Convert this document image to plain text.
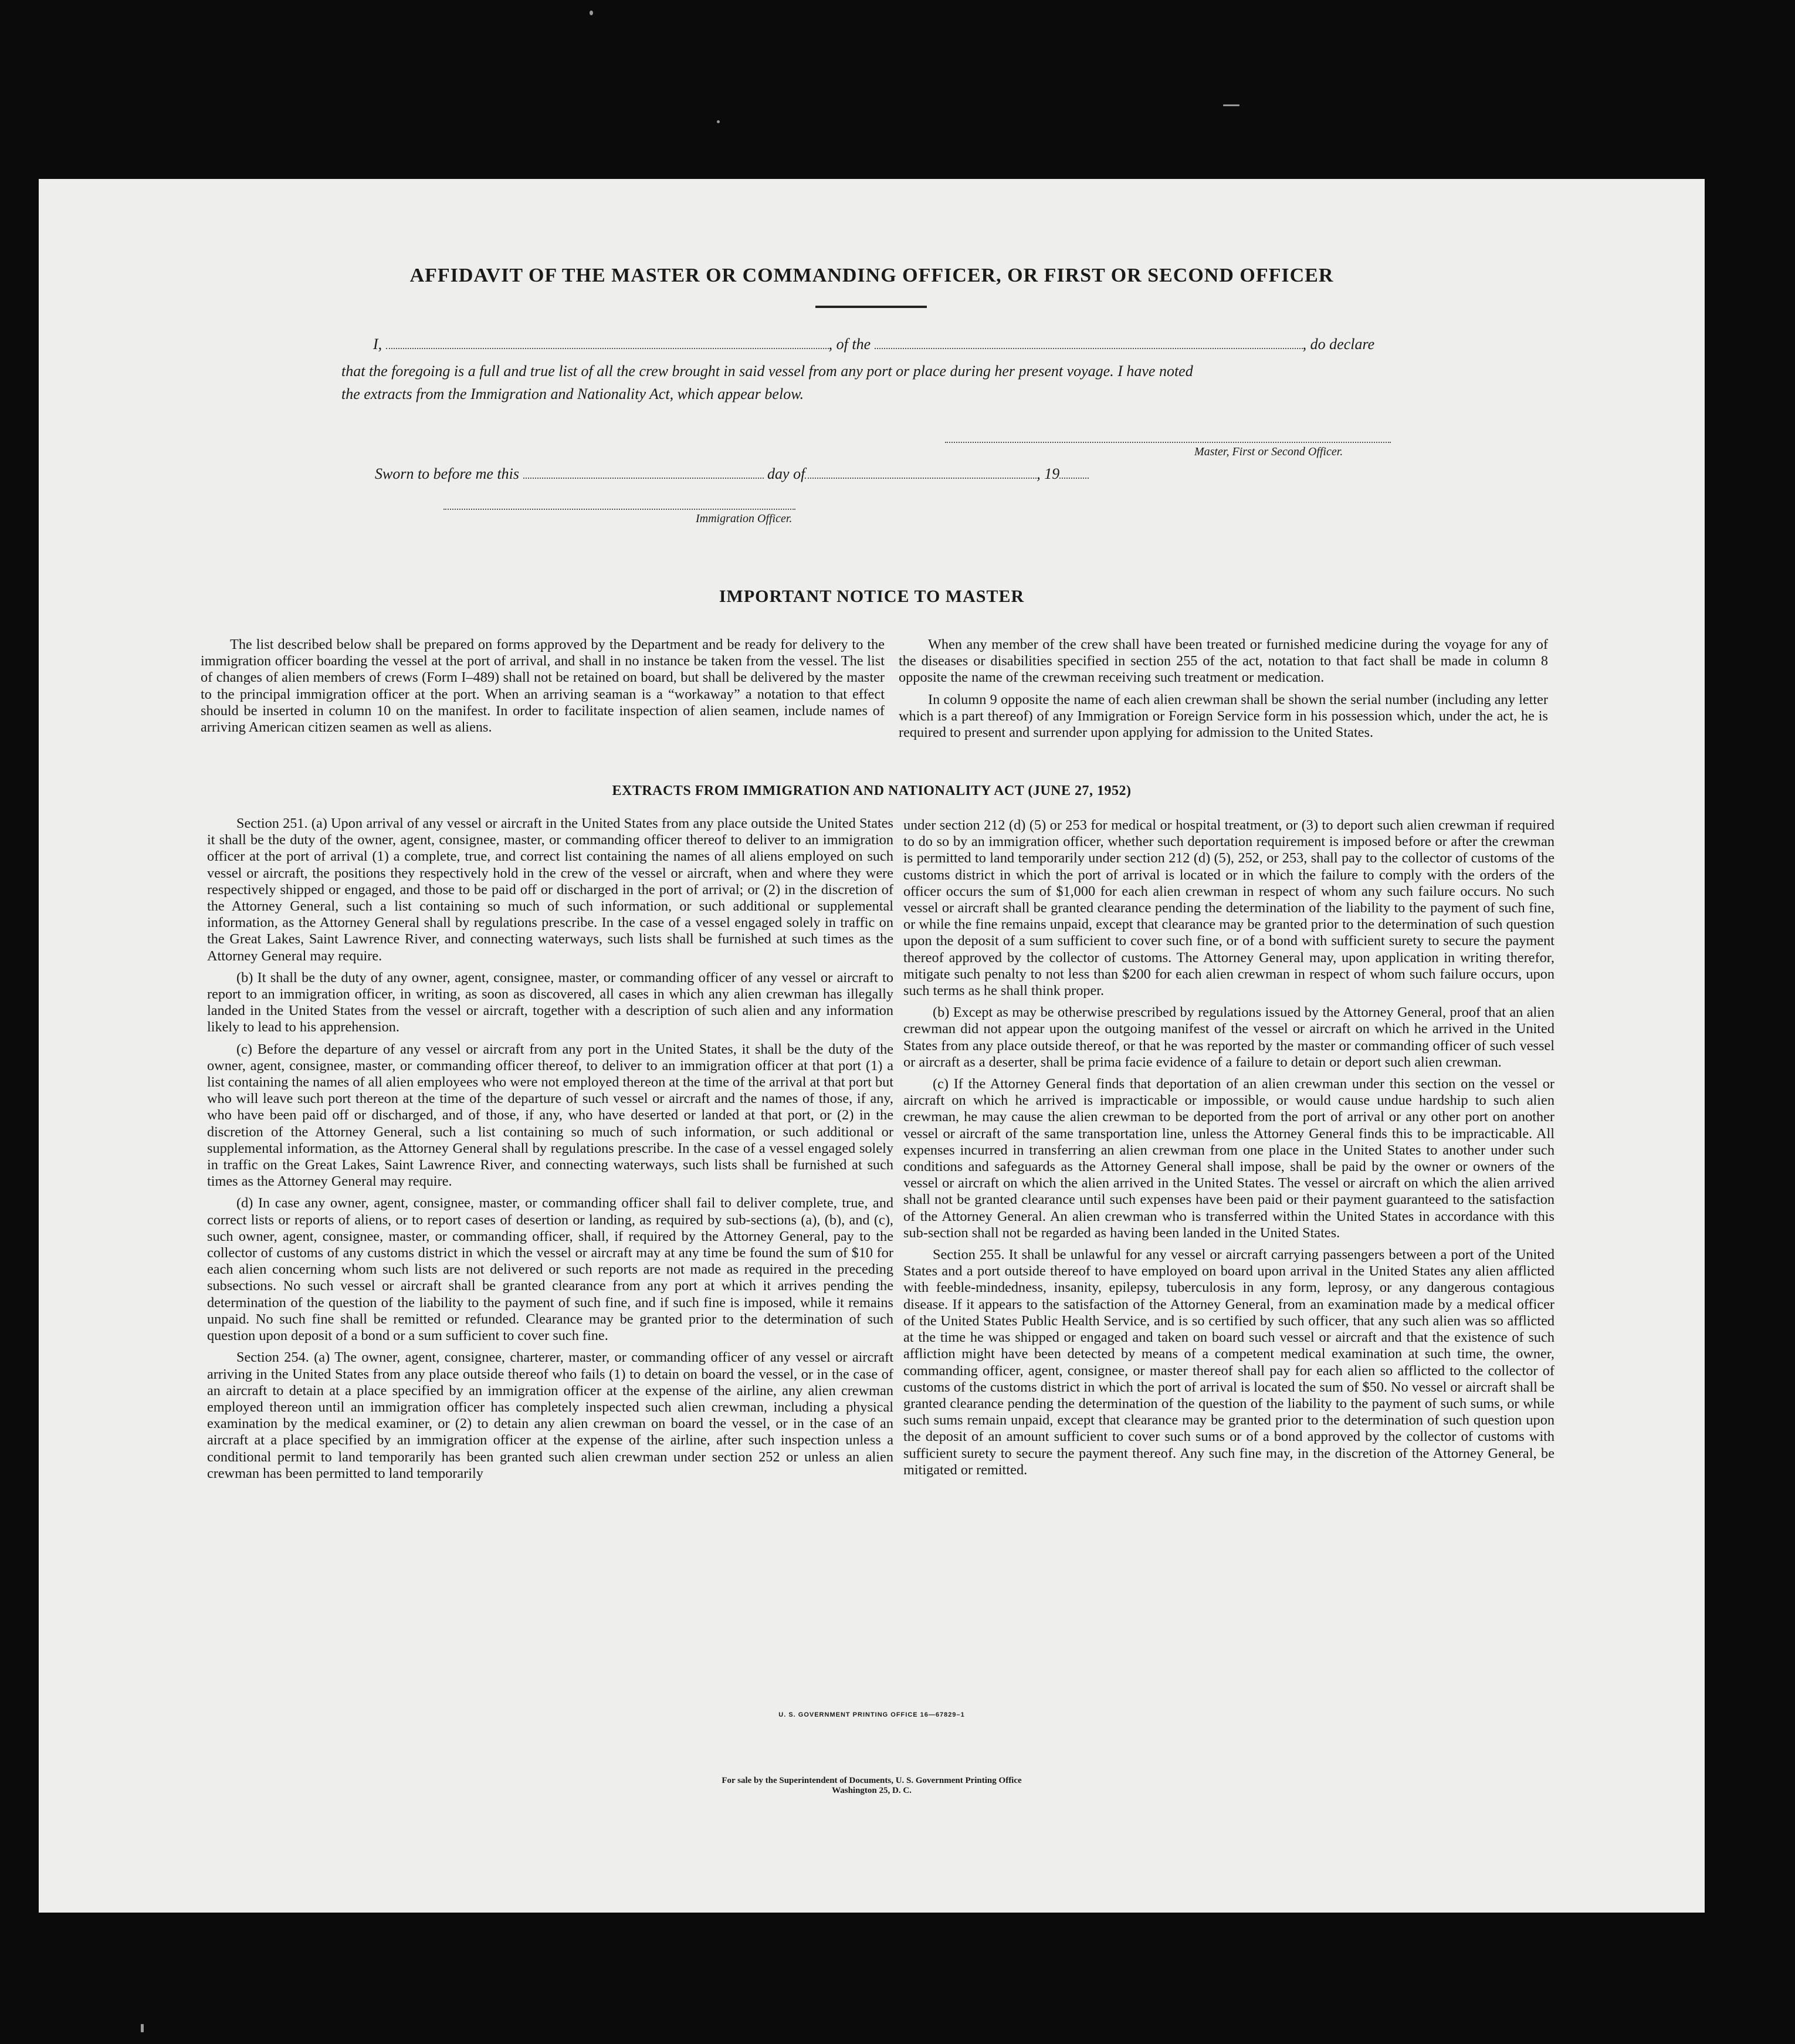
AFFIDAVIT OF THE MASTER OR COMMANDING OFFICER, OR FIRST OR SECOND OFFICER
I,	, of the	, do declare
that the foregoing is a full and true list of all the crew brought in said vessel from any port or place during her present voyage. I have noted
the extracts from the Immigration and Nationality Act, which appear below.
Master, First or Second Officer.
Sworn to before me this	day of	, 19
Immigration Officer.
IMPORTANT NOTICE TO MASTER

The list described below shall be prepared on forms approved by the Department and be ready for delivery to the immigration officer boarding the vessel at the port of arrival, and shall in no instance be taken from the vessel. The list of changes of alien members of crews (Form I–489) shall not be retained on board, but shall be delivered by the master to the principal immigration officer at the port. When an arriving seaman is a “workaway” a notation to that effect should be inserted in column 10 on the manifest. In order to facilitate inspection of alien seamen, include names of arriving American citizen seamen as well as aliens.

When any member of the crew shall have been treated or furnished medicine during the voyage for any of the diseases or disabilities specified in section 255 of the act, notation to that fact shall be made in column 8 opposite the name of the crewman receiving such treatment or medication.

In column 9 opposite the name of each alien crewman shall be shown the serial number (including any letter which is a part thereof) of any Immigration or Foreign Service form in his possession which, under the act, he is required to present and surrender upon applying for admission to the United States.

EXTRACTS FROM IMMIGRATION AND NATIONALITY ACT (JUNE 27, 1952)

Section 251. (a) Upon arrival of any vessel or aircraft in the United States from any place outside the United States it shall be the duty of the owner, agent, consignee, master, or commanding officer thereof to deliver to an immigration officer at the port of arrival (1) a complete, true, and correct list containing the names of all aliens employed on such vessel or aircraft, the positions they respectively hold in the crew of the vessel or aircraft, when and where they were respectively shipped or engaged, and those to be paid off or discharged in the port of arrival; or (2) in the discretion of the Attorney General, such a list containing so much of such information, or such additional or supplemental information, as the Attorney General shall by regulations prescribe. In the case of a vessel engaged solely in traffic on the Great Lakes, Saint Lawrence River, and connecting waterways, such lists shall be furnished at such times as the Attorney General may require.

(b) It shall be the duty of any owner, agent, consignee, master, or commanding officer of any vessel or aircraft to report to an immigration officer, in writing, as soon as discovered, all cases in which any alien crewman has illegally landed in the United States from the vessel or aircraft, together with a description of such alien and any information likely to lead to his apprehension.

(c) Before the departure of any vessel or aircraft from any port in the United States, it shall be the duty of the owner, agent, consignee, master, or commanding officer thereof, to deliver to an immigration officer at that port (1) a list containing the names of all alien employees who were not employed thereon at the time of the arrival at that port but who will leave such port thereon at the time of the departure of such vessel or aircraft and the names of those, if any, who have been paid off or discharged, and of those, if any, who have deserted or landed at that port, or (2) in the discretion of the Attorney General, such a list containing so much of such information, or such additional or supplemental information, as the Attorney General shall by regulations prescribe. In the case of a vessel engaged solely in traffic on the Great Lakes, Saint Lawrence River, and connecting waterways, such lists shall be furnished at such times as the Attorney General may require.

(d) In case any owner, agent, consignee, master, or commanding officer shall fail to deliver complete, true, and correct lists or reports of aliens, or to report cases of desertion or landing, as required by sub-sections (a), (b), and (c), such owner, agent, consignee, master, or commanding officer, shall, if required by the Attorney General, pay to the collector of customs of any customs district in which the vessel or aircraft may at any time be found the sum of $10 for each alien concerning whom such lists are not delivered or such reports are not made as required in the preceding subsections. No such vessel or aircraft shall be granted clearance from any port at which it arrives pending the determination of the question of the liability to the payment of such fine, and if such fine is imposed, while it remains unpaid. No such fine shall be remitted or refunded. Clearance may be granted prior to the determination of such question upon deposit of a bond or a sum sufficient to cover such fine.

Section 254. (a) The owner, agent, consignee, charterer, master, or commanding officer of any vessel or aircraft arriving in the United States from any place outside thereof who fails (1) to detain on board the vessel, or in the case of an aircraft to detain at a place specified by an immigration officer at the expense of the airline, any alien crewman employed thereon until an immigration officer has completely inspected such alien crewman, including a physical examination by the medical examiner, or (2) to detain any alien crewman on board the vessel, or in the case of an aircraft at a place specified by an immigration officer at the expense of the airline, after such inspection unless a conditional permit to land temporarily has been granted such alien crewman under section 252 or unless an alien crewman has been permitted to land temporarily

under section 212 (d) (5) or 253 for medical or hospital treatment, or (3) to deport such alien crewman if required to do so by an immigration officer, whether such deportation requirement is imposed before or after the crewman is permitted to land temporarily under section 212 (d) (5), 252, or 253, shall pay to the collector of customs of the customs district in which the port of arrival is located or in which the failure to comply with the orders of the officer occurs the sum of $1,000 for each alien crewman in respect of whom any such failure occurs. No such vessel or aircraft shall be granted clearance pending the determination of the liability to the payment of such fine, or while the fine remains unpaid, except that clearance may be granted prior to the determination of such question upon the deposit of a sum sufficient to cover such fine, or of a bond with sufficient surety to secure the payment thereof approved by the collector of customs. The Attorney General may, upon application in writing therefor, mitigate such penalty to not less than $200 for each alien crewman in respect of whom such failure occurs, upon such terms as he shall think proper.

(b) Except as may be otherwise prescribed by regulations issued by the Attorney General, proof that an alien crewman did not appear upon the outgoing manifest of the vessel or aircraft on which he arrived in the United States from any place outside thereof, or that he was reported by the master or commanding officer of such vessel or aircraft as a deserter, shall be prima facie evidence of a failure to detain or deport such alien crewman.

(c) If the Attorney General finds that deportation of an alien crewman under this section on the vessel or aircraft on which he arrived is impracticable or impossible, or would cause undue hardship to such alien crewman, he may cause the alien crewman to be deported from the port of arrival or any other port on another vessel or aircraft of the same transportation line, unless the Attorney General finds this to be impracticable. All expenses incurred in transferring an alien crewman from one place in the United States to another under such conditions and safeguards as the Attorney General shall impose, shall be paid by the owner or owners of the vessel or aircraft on which the alien arrived in the United States. The vessel or aircraft on which the alien arrived shall not be granted clearance until such expenses have been paid or their payment guaranteed to the satisfaction of the Attorney General. An alien crewman who is transferred within the United States in accordance with this sub-section shall not be regarded as having been landed in the United States.

Section 255. It shall be unlawful for any vessel or aircraft carrying passengers between a port of the United States and a port outside thereof to have employed on board upon arrival in the United States any alien afflicted with feeble-mindedness, insanity, epilepsy, tuberculosis in any form, leprosy, or any dangerous contagious disease. If it appears to the satisfaction of the Attorney General, from an examination made by a medical officer of the United States Public Health Service, and is so certified by such officer, that any such alien was so afflicted at the time he was shipped or engaged and taken on board such vessel or aircraft and that the existence of such affliction might have been detected by means of a competent medical examination at such time, the owner, commanding officer, agent, consignee, or master thereof shall pay for each alien so afflicted to the collector of customs of the customs district in which the port of arrival is located the sum of $50. No vessel or aircraft shall be granted clearance pending the determination of the question of the liability to the payment of such sums, or while such sums remain unpaid, except that clearance may be granted prior to the determination of such question upon the deposit of an amount sufficient to cover such sums or of a bond approved by the collector of customs with sufficient surety to secure the payment thereof. Any such fine may, in the discretion of the Attorney General, be mitigated or remitted.

U. S. GOVERNMENT PRINTING OFFICE 16—67829–1
For sale by the Superintendent of Documents, U. S. Government Printing Office
Washington 25, D. C.
